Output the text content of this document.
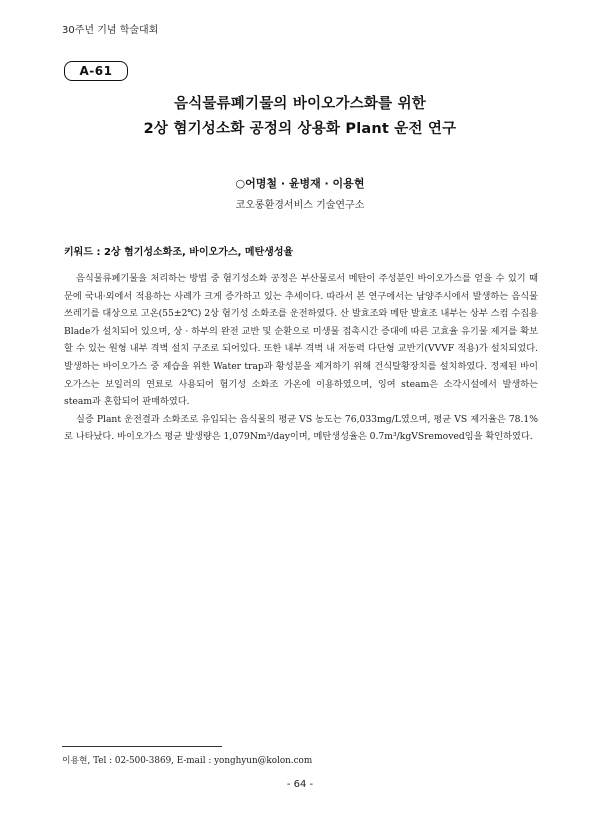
30주년 기념 학술대회
A-61
음식물류폐기물의 바이오가스화를 위한
2상 혐기성소화 공정의 상용화 Plant 운전 연구
○어명철 · 윤병재 · 이용현
코오롱환경서비스 기술연구소
키워드 : 2상 혐기성소화조, 바이오가스, 메탄생성율

음식물류폐기물을 처리하는 방법 중 혐기성소화 공정은 부산물로서 메탄이 주성분인 바이오가스를 얻을 수 있기 때문에 국내·외에서 적용하는 사례가 크게 증가하고 있는 추세이다. 따라서 본 연구에서는 남양주시에서 발생하는 음식물쓰레기를 대상으로 고온(55±2℃) 2상 혐기성 소화조를 운전하였다. 산 발효조와 메탄 발효조 내부는 상부 스컴 수집용 Blade가 설치되어 있으며, 상 · 하부의 완전 교반 및 순환으로 미생물 접촉시간 증대에 따른 고효율 유기물 제거를 확보할 수 있는 원형 내부 격벽 설치 구조로 되어있다. 또한 내부 격벽 내 저동력 다단형 교반기(VVVF 적용)가 설치되었다. 발생하는 바이오가스 중 제습을 위한 Water trap과 황성분을 제거하기 위해 건식탈황장치를 설치하였다. 정제된 바이오가스는 보일러의 연료로 사용되어 혐기성 소화조 가온에 이용하였으며, 잉여 steam은 소각시설에서 발생하는 steam과 혼합되어 판매하였다.

실증 Plant 운전결과 소화조로 유입되는 음식물의 평균 VS 농도는 76,033mg/L였으며, 평균 VS 제거율은 78.1%로 나타났다. 바이오가스 평균 발생량은 1,079Nm³/day이며, 메탄생성율은 0.7m³/kgVSremoved임을 확인하였다.

이용현, Tel : 02-500-3869, E-mail : yonghyun@kolon.com
- 64 -
